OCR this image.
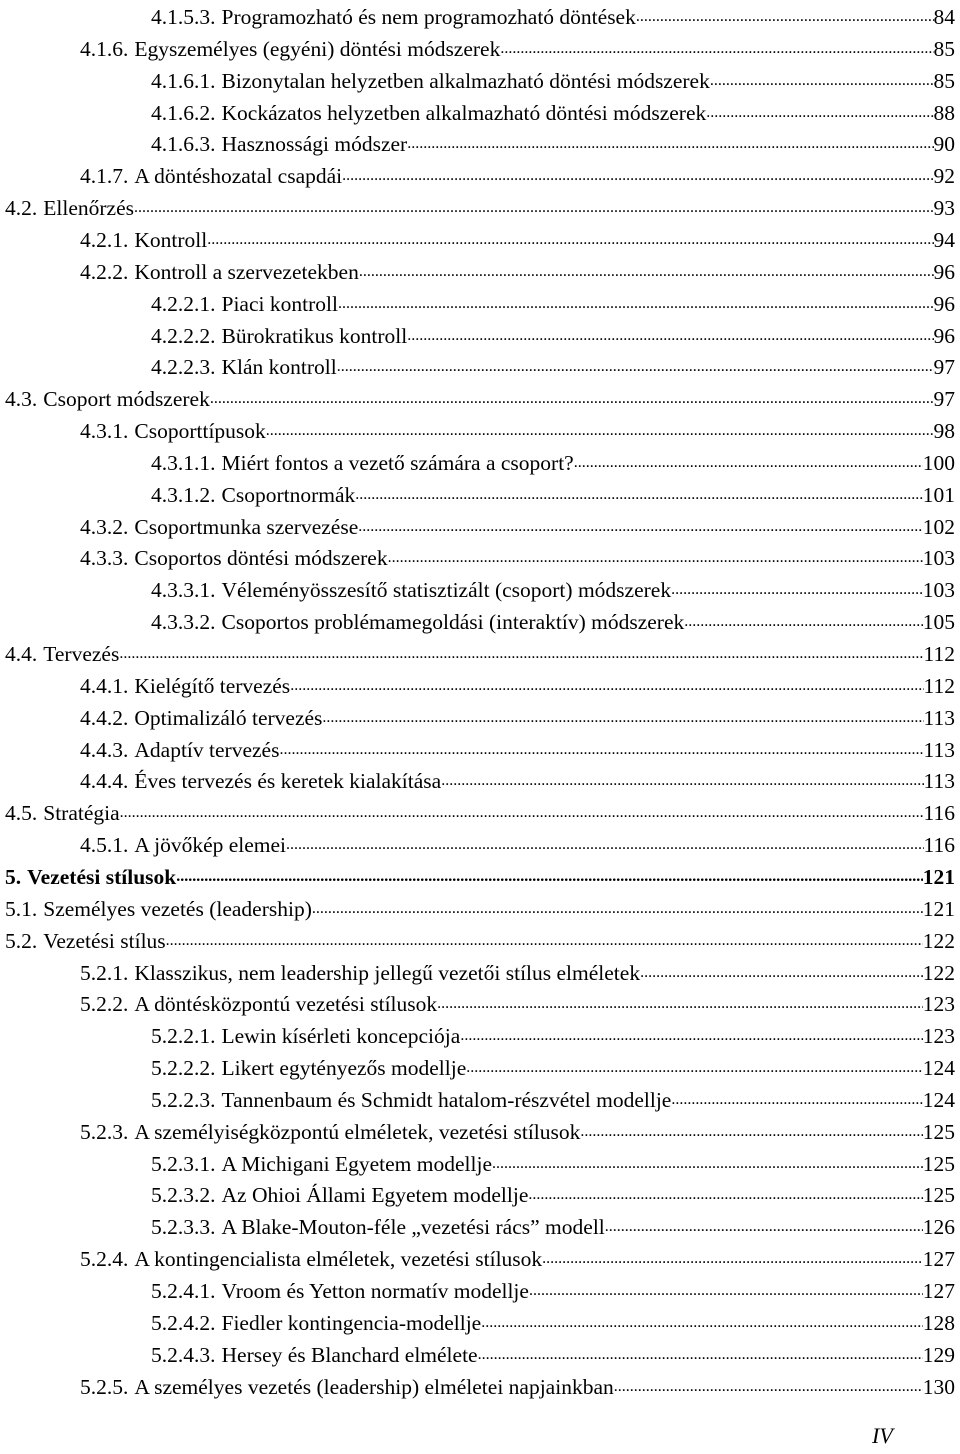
4.1.5.3. Programozható és nem programozható döntések .....	84
4.1.6. Egyszemélyes (egyéni) döntési módszerek .....	85
4.1.6.1. Bizonytalan helyzetben alkalmazható döntési módszerek .....	85
4.1.6.2. Kockázatos helyzetben alkalmazható döntési módszerek .....	88
4.1.6.3. Hasznossági módszer .....	90
4.1.7. A döntéshozatal csapdái .....	92
4.2. Ellenőrzés .....	93
4.2.1. Kontroll .....	94
4.2.2. Kontroll a szervezetekben .....	96
4.2.2.1. Piaci kontroll .....	96
4.2.2.2. Bürokratikus kontroll .....	96
4.2.2.3. Klán kontroll .....	97
4.3. Csoport módszerek .....	97
4.3.1. Csoporttípusok .....	98
4.3.1.1. Miért fontos a vezető számára a csoport? .....	100
4.3.1.2. Csoportnormák .....	101
4.3.2. Csoportmunka szervezése .....	102
4.3.3. Csoportos döntési módszerek .....	103
4.3.3.1. Véleményösszesítő statisztizált (csoport) módszerek .....	103
4.3.3.2. Csoportos problémamegoldási (interaktív) módszerek .....	105
4.4. Tervezés .....	112
4.4.1. Kielégítő tervezés .....	112
4.4.2. Optimalizáló tervezés .....	113
4.4.3. Adaptív tervezés .....	113
4.4.4. Éves tervezés és keretek kialakítása .....	113
4.5. Stratégia .....	116
4.5.1. A jövőkép elemei .....	116
5. Vezetési stílusok .....	121
5.1. Személyes vezetés (leadership) .....	121
5.2. Vezetési stílus .....	122
5.2.1. Klasszikus, nem leadership jellegű vezetői stílus elméletek .....	122
5.2.2. A döntésközpontú vezetési stílusok .....	123
5.2.2.1. Lewin kísérleti koncepciója .....	123
5.2.2.2. Likert egytényezős modellje .....	124
5.2.2.3. Tannenbaum és Schmidt hatalom-részvétel modellje .....	124
5.2.3. A személyiségközpontú elméletek, vezetési stílusok .....	125
5.2.3.1. A Michigani Egyetem modellje .....	125
5.2.3.2. Az Ohioi Állami Egyetem modellje .....	125
5.2.3.3. A Blake-Mouton-féle „vezetési rács” modell .....	126
5.2.4. A kontingencialista elméletek, vezetési stílusok .....	127
5.2.4.1. Vroom és Yetton normatív modellje .....	127
5.2.4.2. Fiedler kontingencia-modellje .....	128
5.2.4.3. Hersey és Blanchard elmélete .....	129
5.2.5. A személyes vezetés (leadership) elméletei napjainkban .....	130
IV
